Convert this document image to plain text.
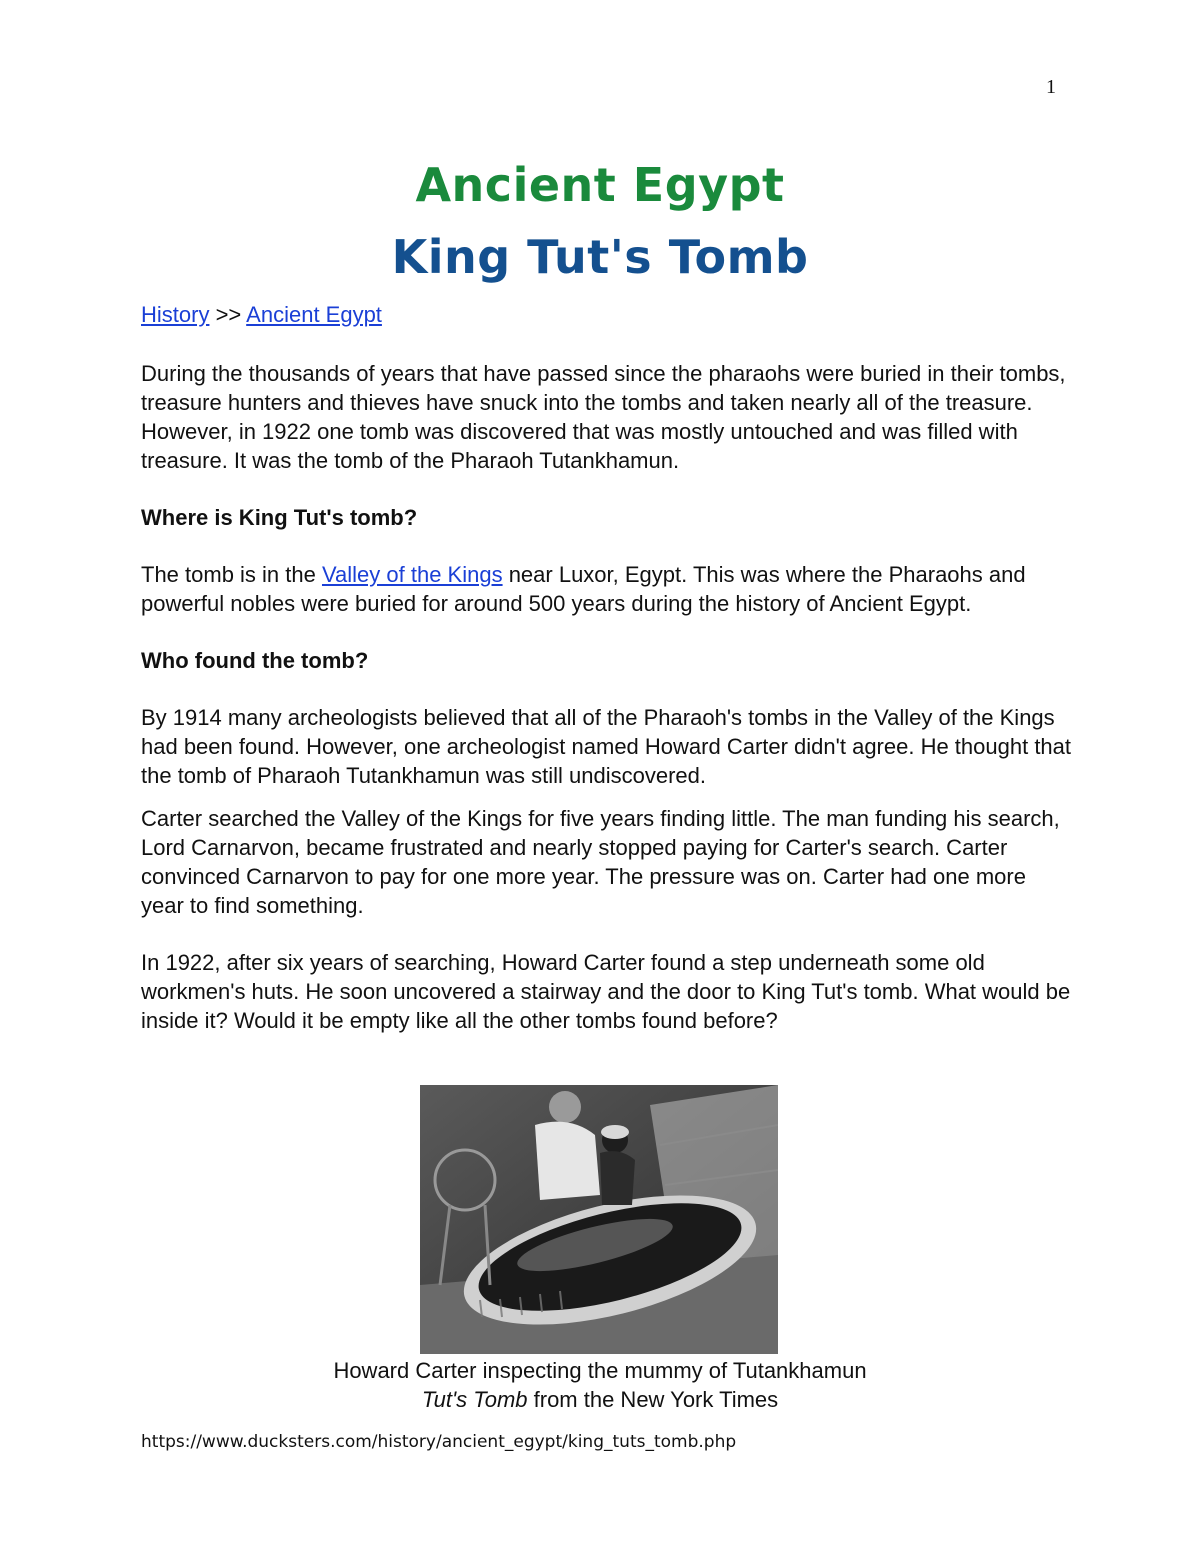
1
Ancient Egypt
King Tut's Tomb

History >> Ancient Egypt

During the thousands of years that have passed since the pharaohs were buried in their tombs, treasure hunters and thieves have snuck into the tombs and taken nearly all of the treasure. However, in 1922 one tomb was discovered that was mostly untouched and was filled with treasure. It was the tomb of the Pharaoh Tutankhamun.

Where is King Tut's tomb?

The tomb is in the Valley of the Kings near Luxor, Egypt. This was where the Pharaohs and powerful nobles were buried for around 500 years during the history of Ancient Egypt.

Who found the tomb?

By 1914 many archeologists believed that all of the Pharaoh's tombs in the Valley of the Kings had been found. However, one archeologist named Howard Carter didn't agree. He thought that the tomb of Pharaoh Tutankhamun was still undiscovered.

Carter searched the Valley of the Kings for five years finding little. The man funding his search, Lord Carnarvon, became frustrated and nearly stopped paying for Carter's search. Carter convinced Carnarvon to pay for one more year. The pressure was on. Carter had one more year to find something.

In 1922, after six years of searching, Howard Carter found a step underneath some old workmen's huts. He soon uncovered a stairway and the door to King Tut's tomb. What would be inside it? Would it be empty like all the other tombs found before?

Howard Carter inspecting the mummy of Tutankhamun
Tut's Tomb from the New York Times
https://www.ducksters.com/history/ancient_egypt/king_tuts_tomb.php
